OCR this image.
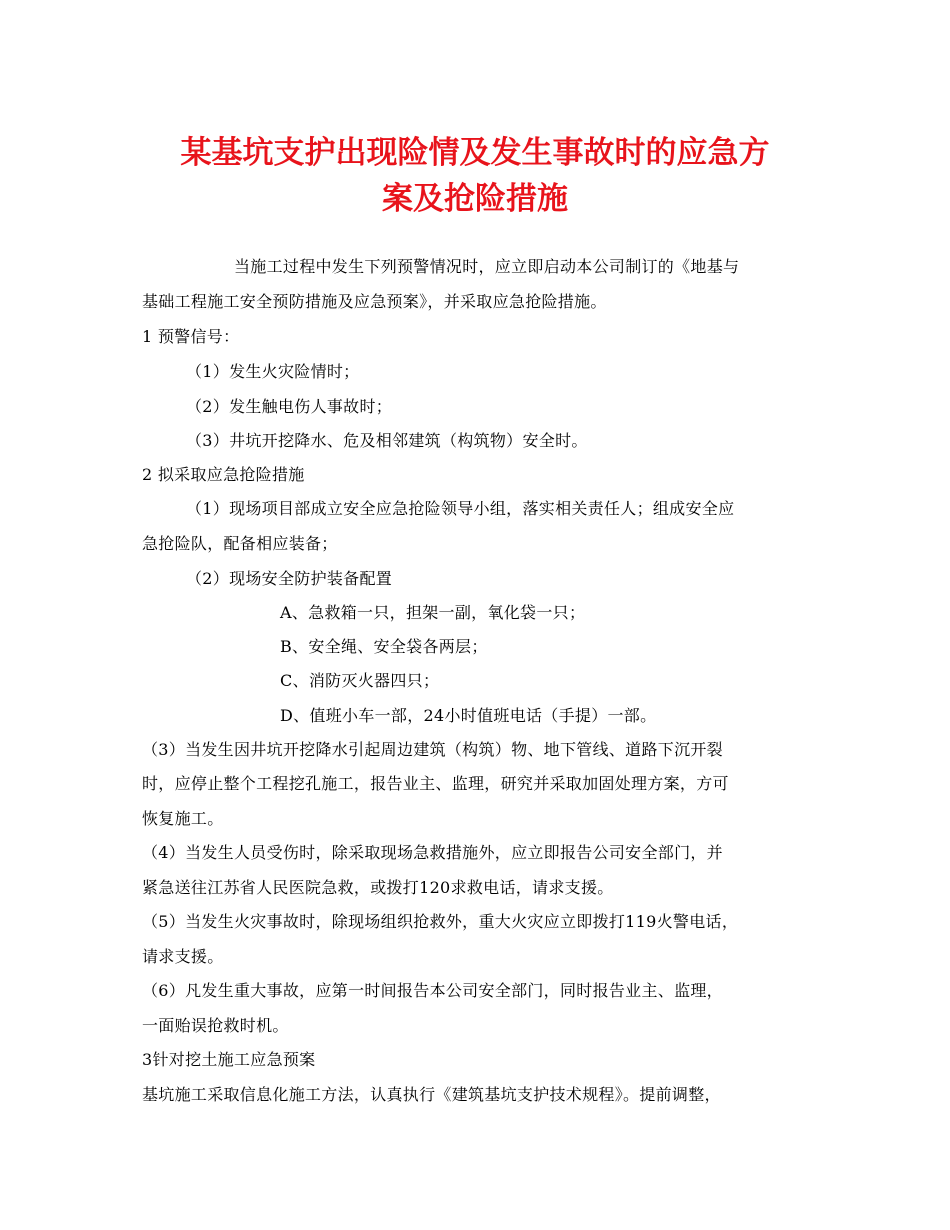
某基坑支护出现险情及发生事故时的应急方
案及抢险措施
当施工过程中发生下列预警情况时，应立即启动本公司制订的《地基与
基础工程施工安全预防措施及应急预案》，并采取应急抢险措施。
1 预警信号：
（1）发生火灾险情时；
（2）发生触电伤人事故时；
（3）井坑开挖降水、危及相邻建筑（构筑物）安全时。
2 拟采取应急抢险措施
（1）现场项目部成立安全应急抢险领导小组，落实相关责任人；组成安全应
急抢险队，配备相应装备；
（2）现场安全防护装备配置
A、急救箱一只，担架一副，氧化袋一只；
B、安全绳、安全袋各两层；
C、消防灭火器四只；
D、值班小车一部，24小时值班电话（手提）一部。
（3）当发生因井坑开挖降水引起周边建筑（构筑）物、地下管线、道路下沉开裂
时，应停止整个工程挖孔施工，报告业主、监理，研究并采取加固处理方案，方可
恢复施工。
（4）当发生人员受伤时，除采取现场急救措施外，应立即报告公司安全部门，并
紧急送往江苏省人民医院急救，或拨打120求救电话，请求支援。
（5）当发生火灾事故时，除现场组织抢救外，重大火灾应立即拨打119火警电话，
请求支援。
（6）凡发生重大事故，应第一时间报告本公司安全部门，同时报告业主、监理，
一面贻误抢救时机。
3针对挖土施工应急预案
基坑施工采取信息化施工方法，认真执行《建筑基坑支护技术规程》。提前调整，
